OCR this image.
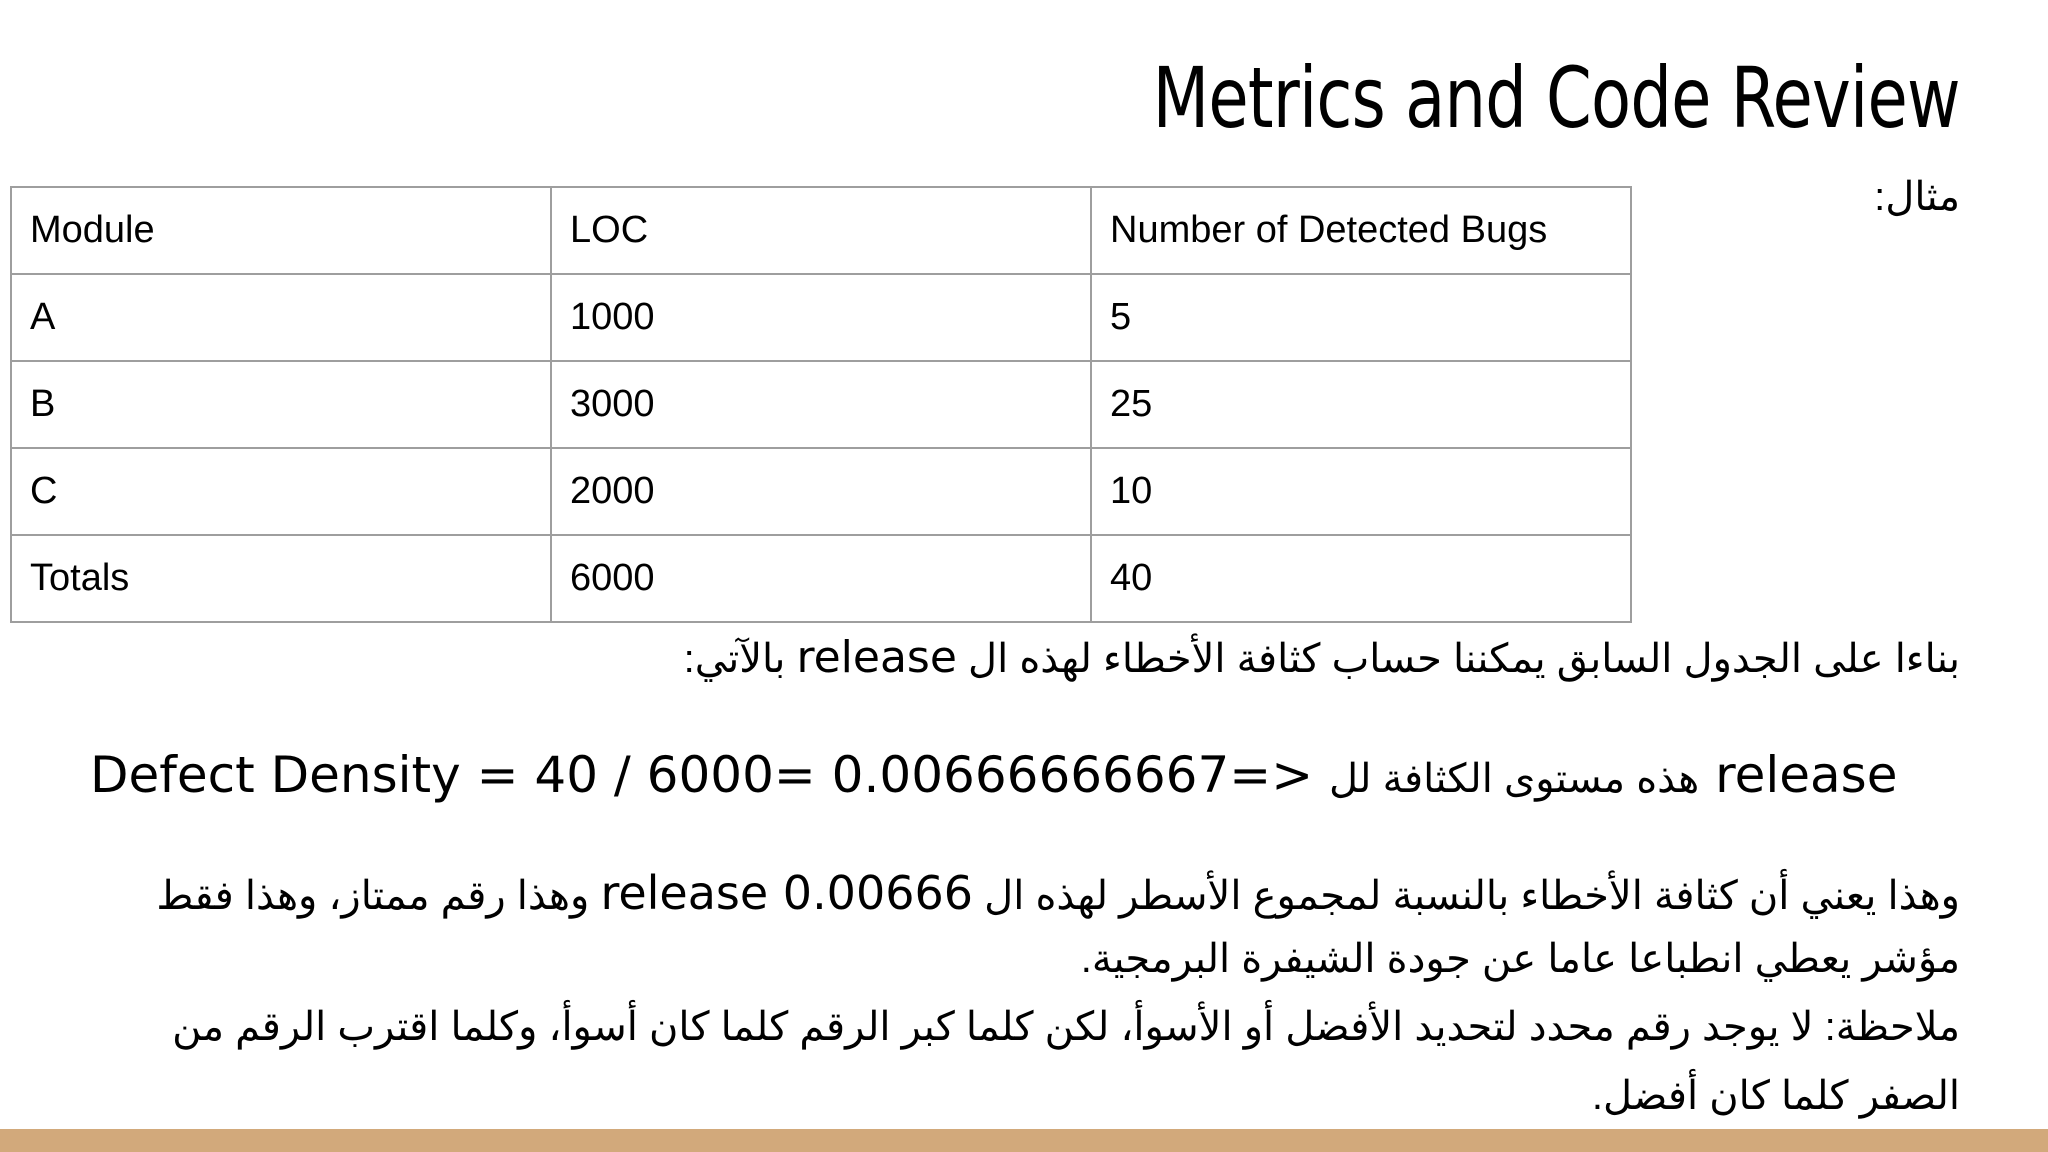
Metrics and Code Review
مثال:
Module	LOC	Number of Detected Bugs
A	1000	5
B	3000	25
C	2000	10
Totals	6000	40
بناءا على الجدول السابق يمكننا حساب كثافة الأخطاء لهذه ال release بالآتي:
Defect Density = 40 / 6000= 0.00666666667=> هذه مستوى الكثافة لل release
وهذا يعني أن كثافة الأخطاء بالنسبة لمجموع الأسطر لهذه ال release 0.00666 وهذا رقم ممتاز، وهذا فقط
مؤشر يعطي انطباعا عاما عن جودة الشيفرة البرمجية.
ملاحظة: لا يوجد رقم محدد لتحديد الأفضل أو الأسوأ، لكن كلما كبر الرقم كلما كان أسوأ، وكلما اقترب الرقم من
الصفر كلما كان أفضل.
